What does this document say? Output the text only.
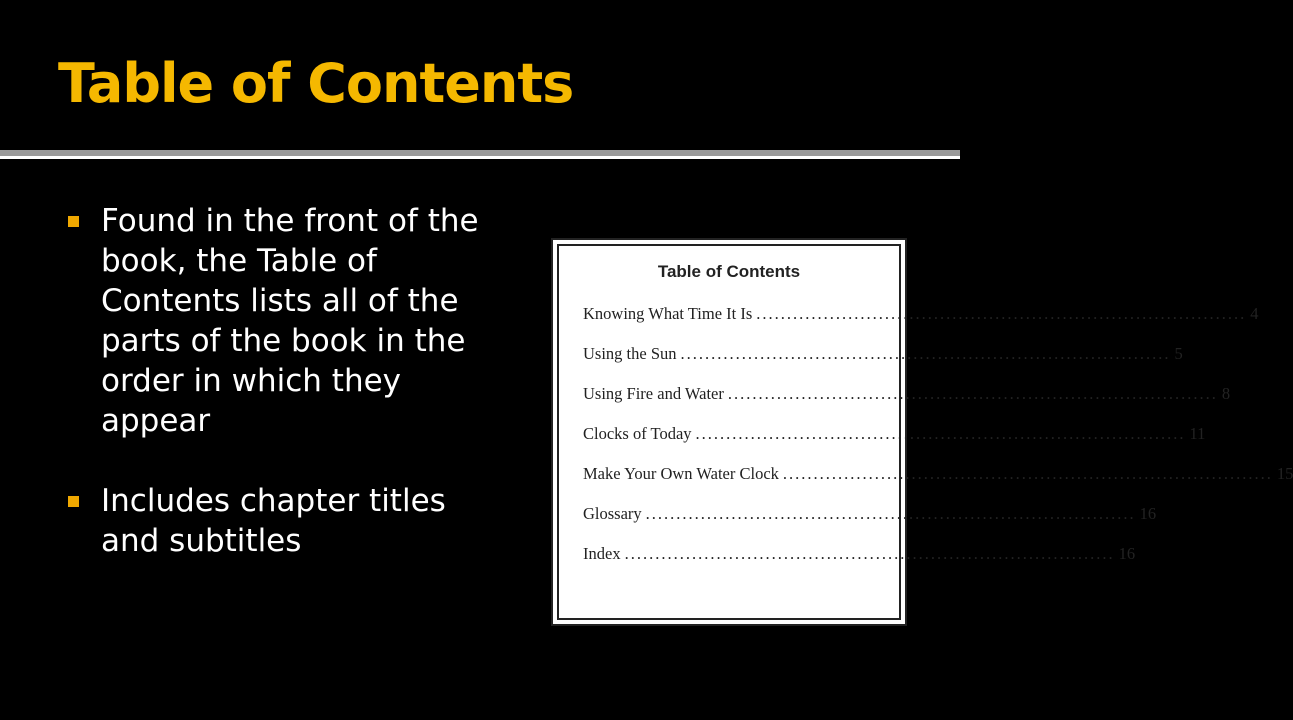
Table of Contents
Found in the front of the book, the Table of Contents lists all of the parts of the book in the order in which they appear
Includes chapter titles and subtitles
Table of Contents
Knowing What Time It Is ................................................................................ 4
Using the Sun ................................................................................ 5
Using Fire and Water ................................................................................ 8
Clocks of Today ................................................................................ 11
Make Your Own Water Clock ................................................................................ 15
Glossary ................................................................................ 16
Index ................................................................................ 16
